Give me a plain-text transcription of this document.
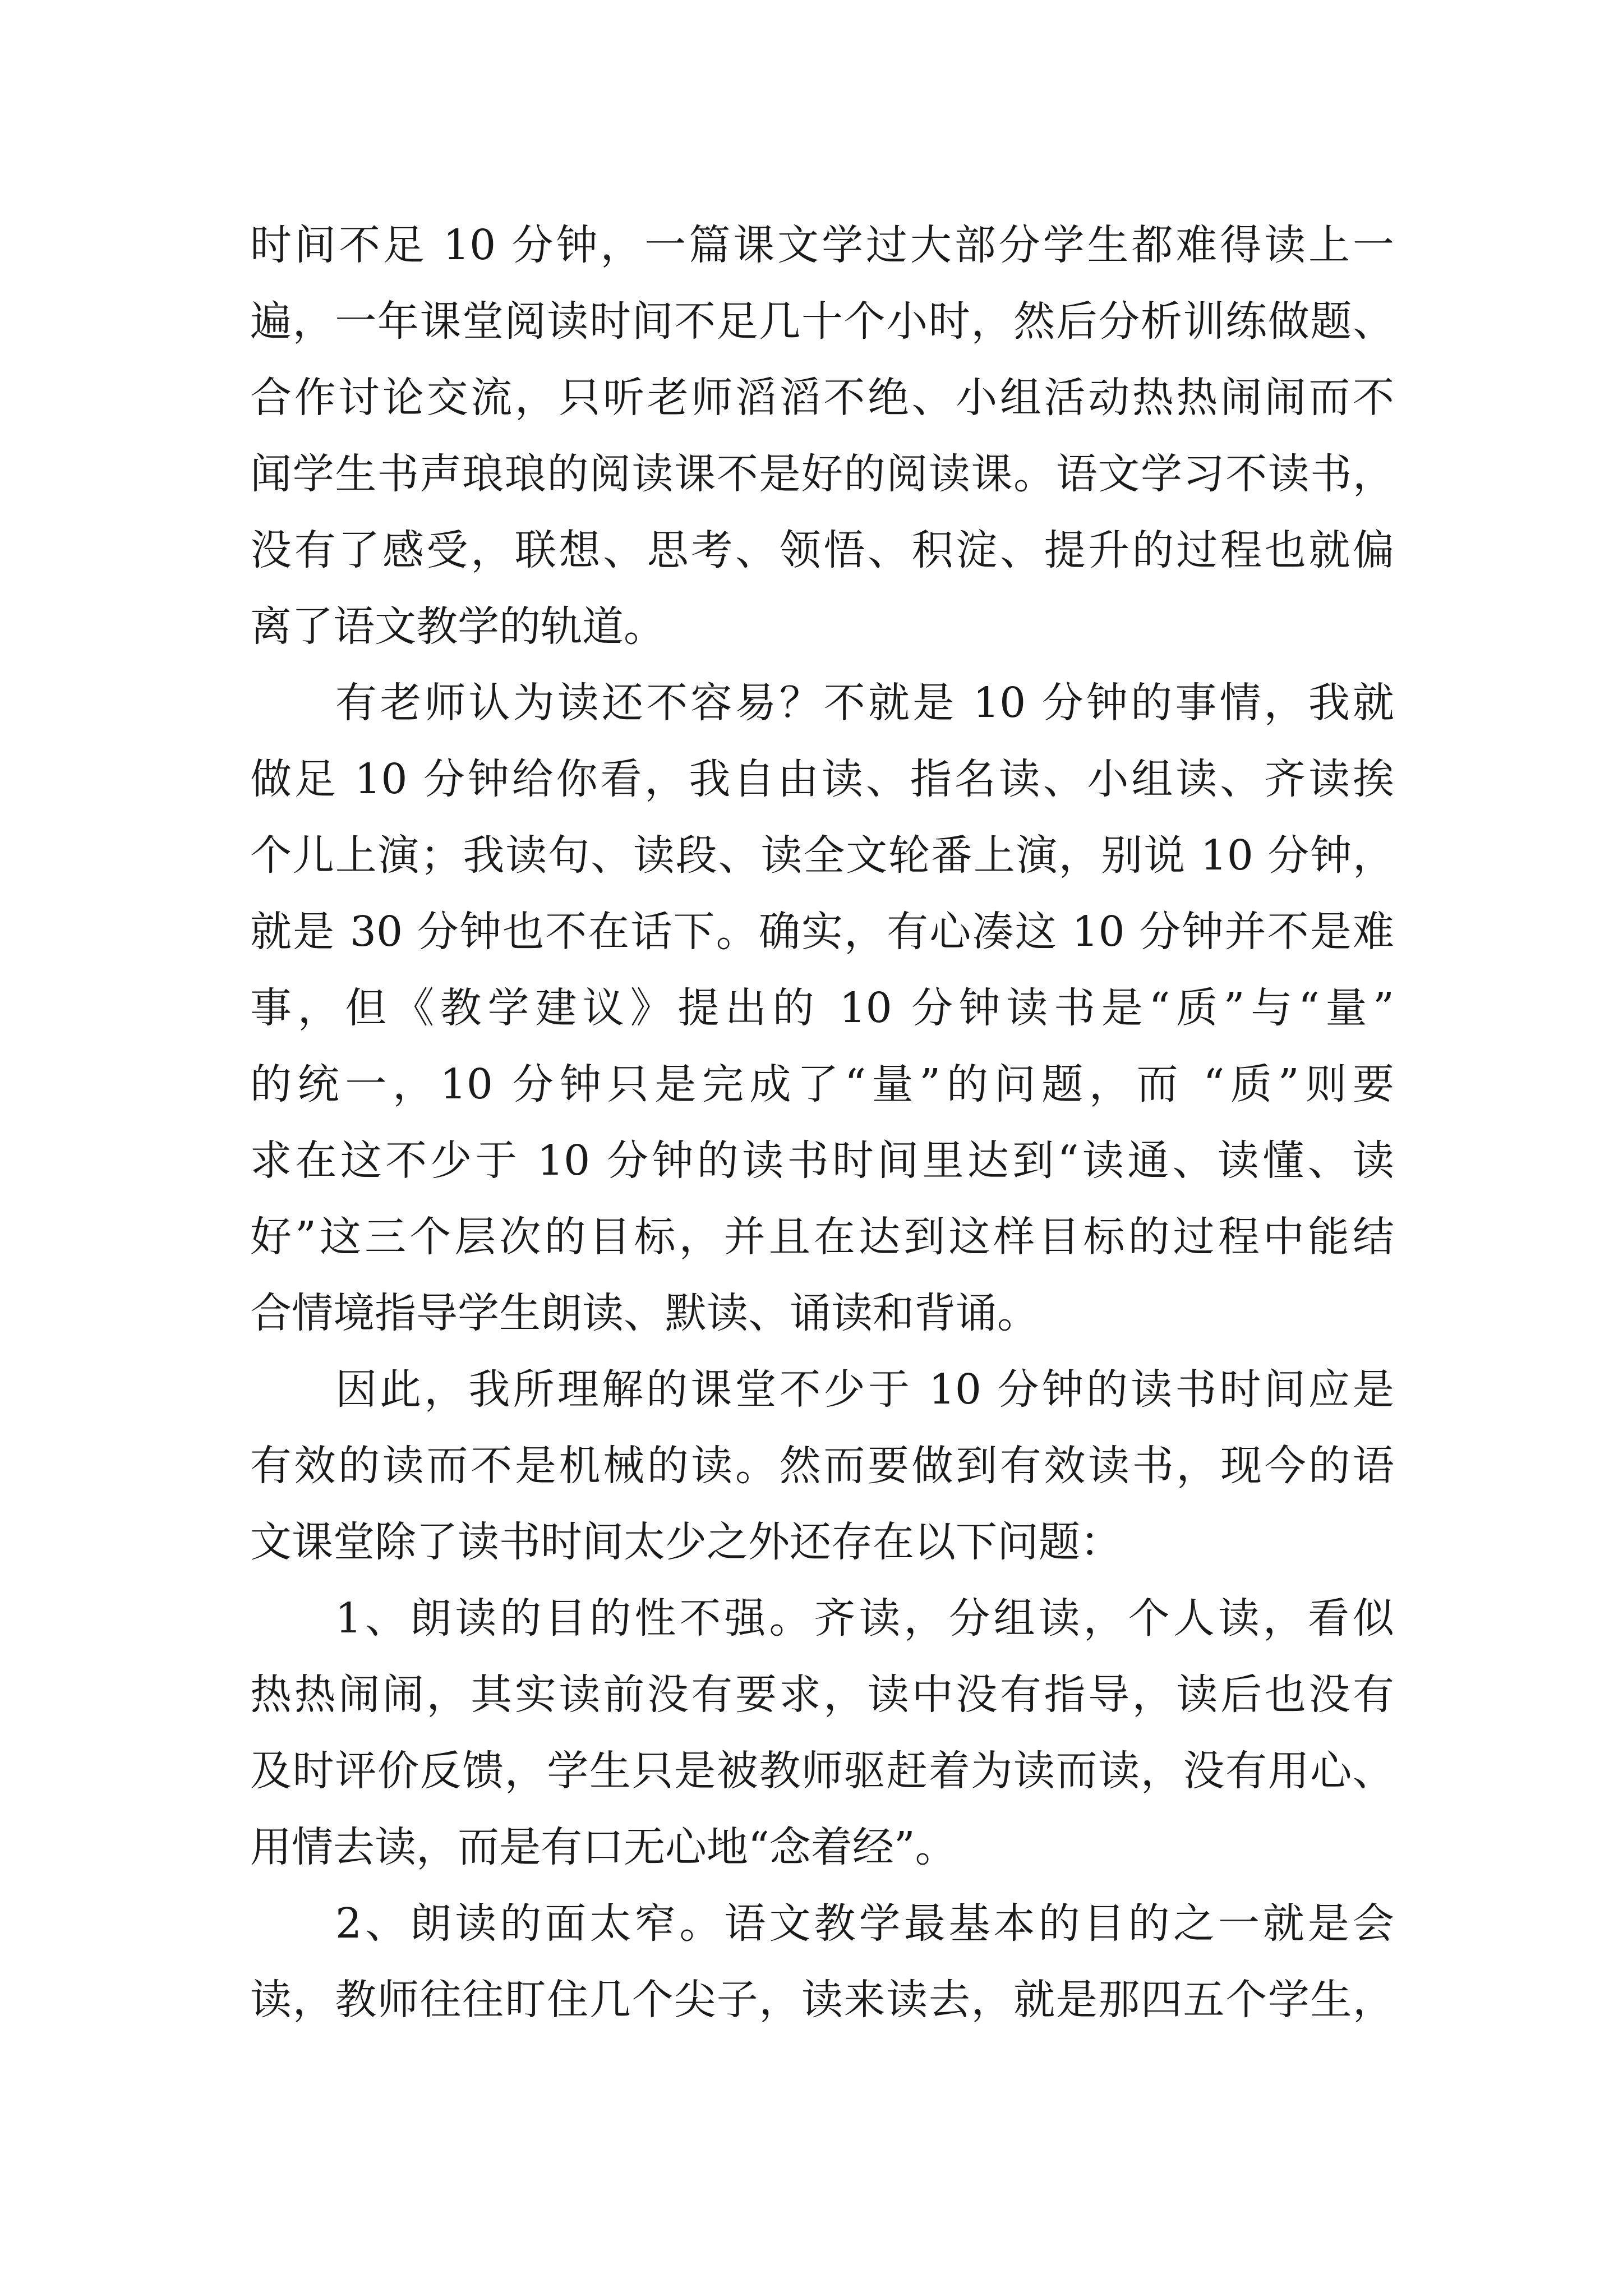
时间不足 10 分钟，一篇课文学过大部分学生都难得读上一
遍，一年课堂阅读时间不足几十个小时，然后分析训练做题、
合作讨论交流，只听老师滔滔不绝、小组活动热热闹闹而不
闻学生书声琅琅的阅读课不是好的阅读课。语文学习不读书，
没有了感受，联想、思考、领悟、积淀、提升的过程也就偏
离了语文教学的轨道。
有老师认为读还不容易？不就是 10 分钟的事情，我就
做足 10 分钟给你看，我自由读、指名读、小组读、齐读挨
个儿上演；我读句、读段、读全文轮番上演，别说 10 分钟，
就是 30 分钟也不在话下。确实，有心凑这 10 分钟并不是难
事，但《教学建议》提出的 10 分钟读书是“质”与“量”
的统一，10 分钟只是完成了“量”的问题，而 “质”则要
求在这不少于 10 分钟的读书时间里达到“读通、读懂、读
好”这三个层次的目标，并且在达到这样目标的过程中能结
合情境指导学生朗读、默读、诵读和背诵。
因此，我所理解的课堂不少于 10 分钟的读书时间应是
有效的读而不是机械的读。然而要做到有效读书，现今的语
文课堂除了读书时间太少之外还存在以下问题：
1、朗读的目的性不强。齐读，分组读，个人读，看似
热热闹闹，其实读前没有要求，读中没有指导，读后也没有
及时评价反馈，学生只是被教师驱赶着为读而读，没有用心、
用情去读，而是有口无心地“念着经”。
2、朗读的面太窄。语文教学最基本的目的之一就是会
读，教师往往盯住几个尖子，读来读去，就是那四五个学生，
